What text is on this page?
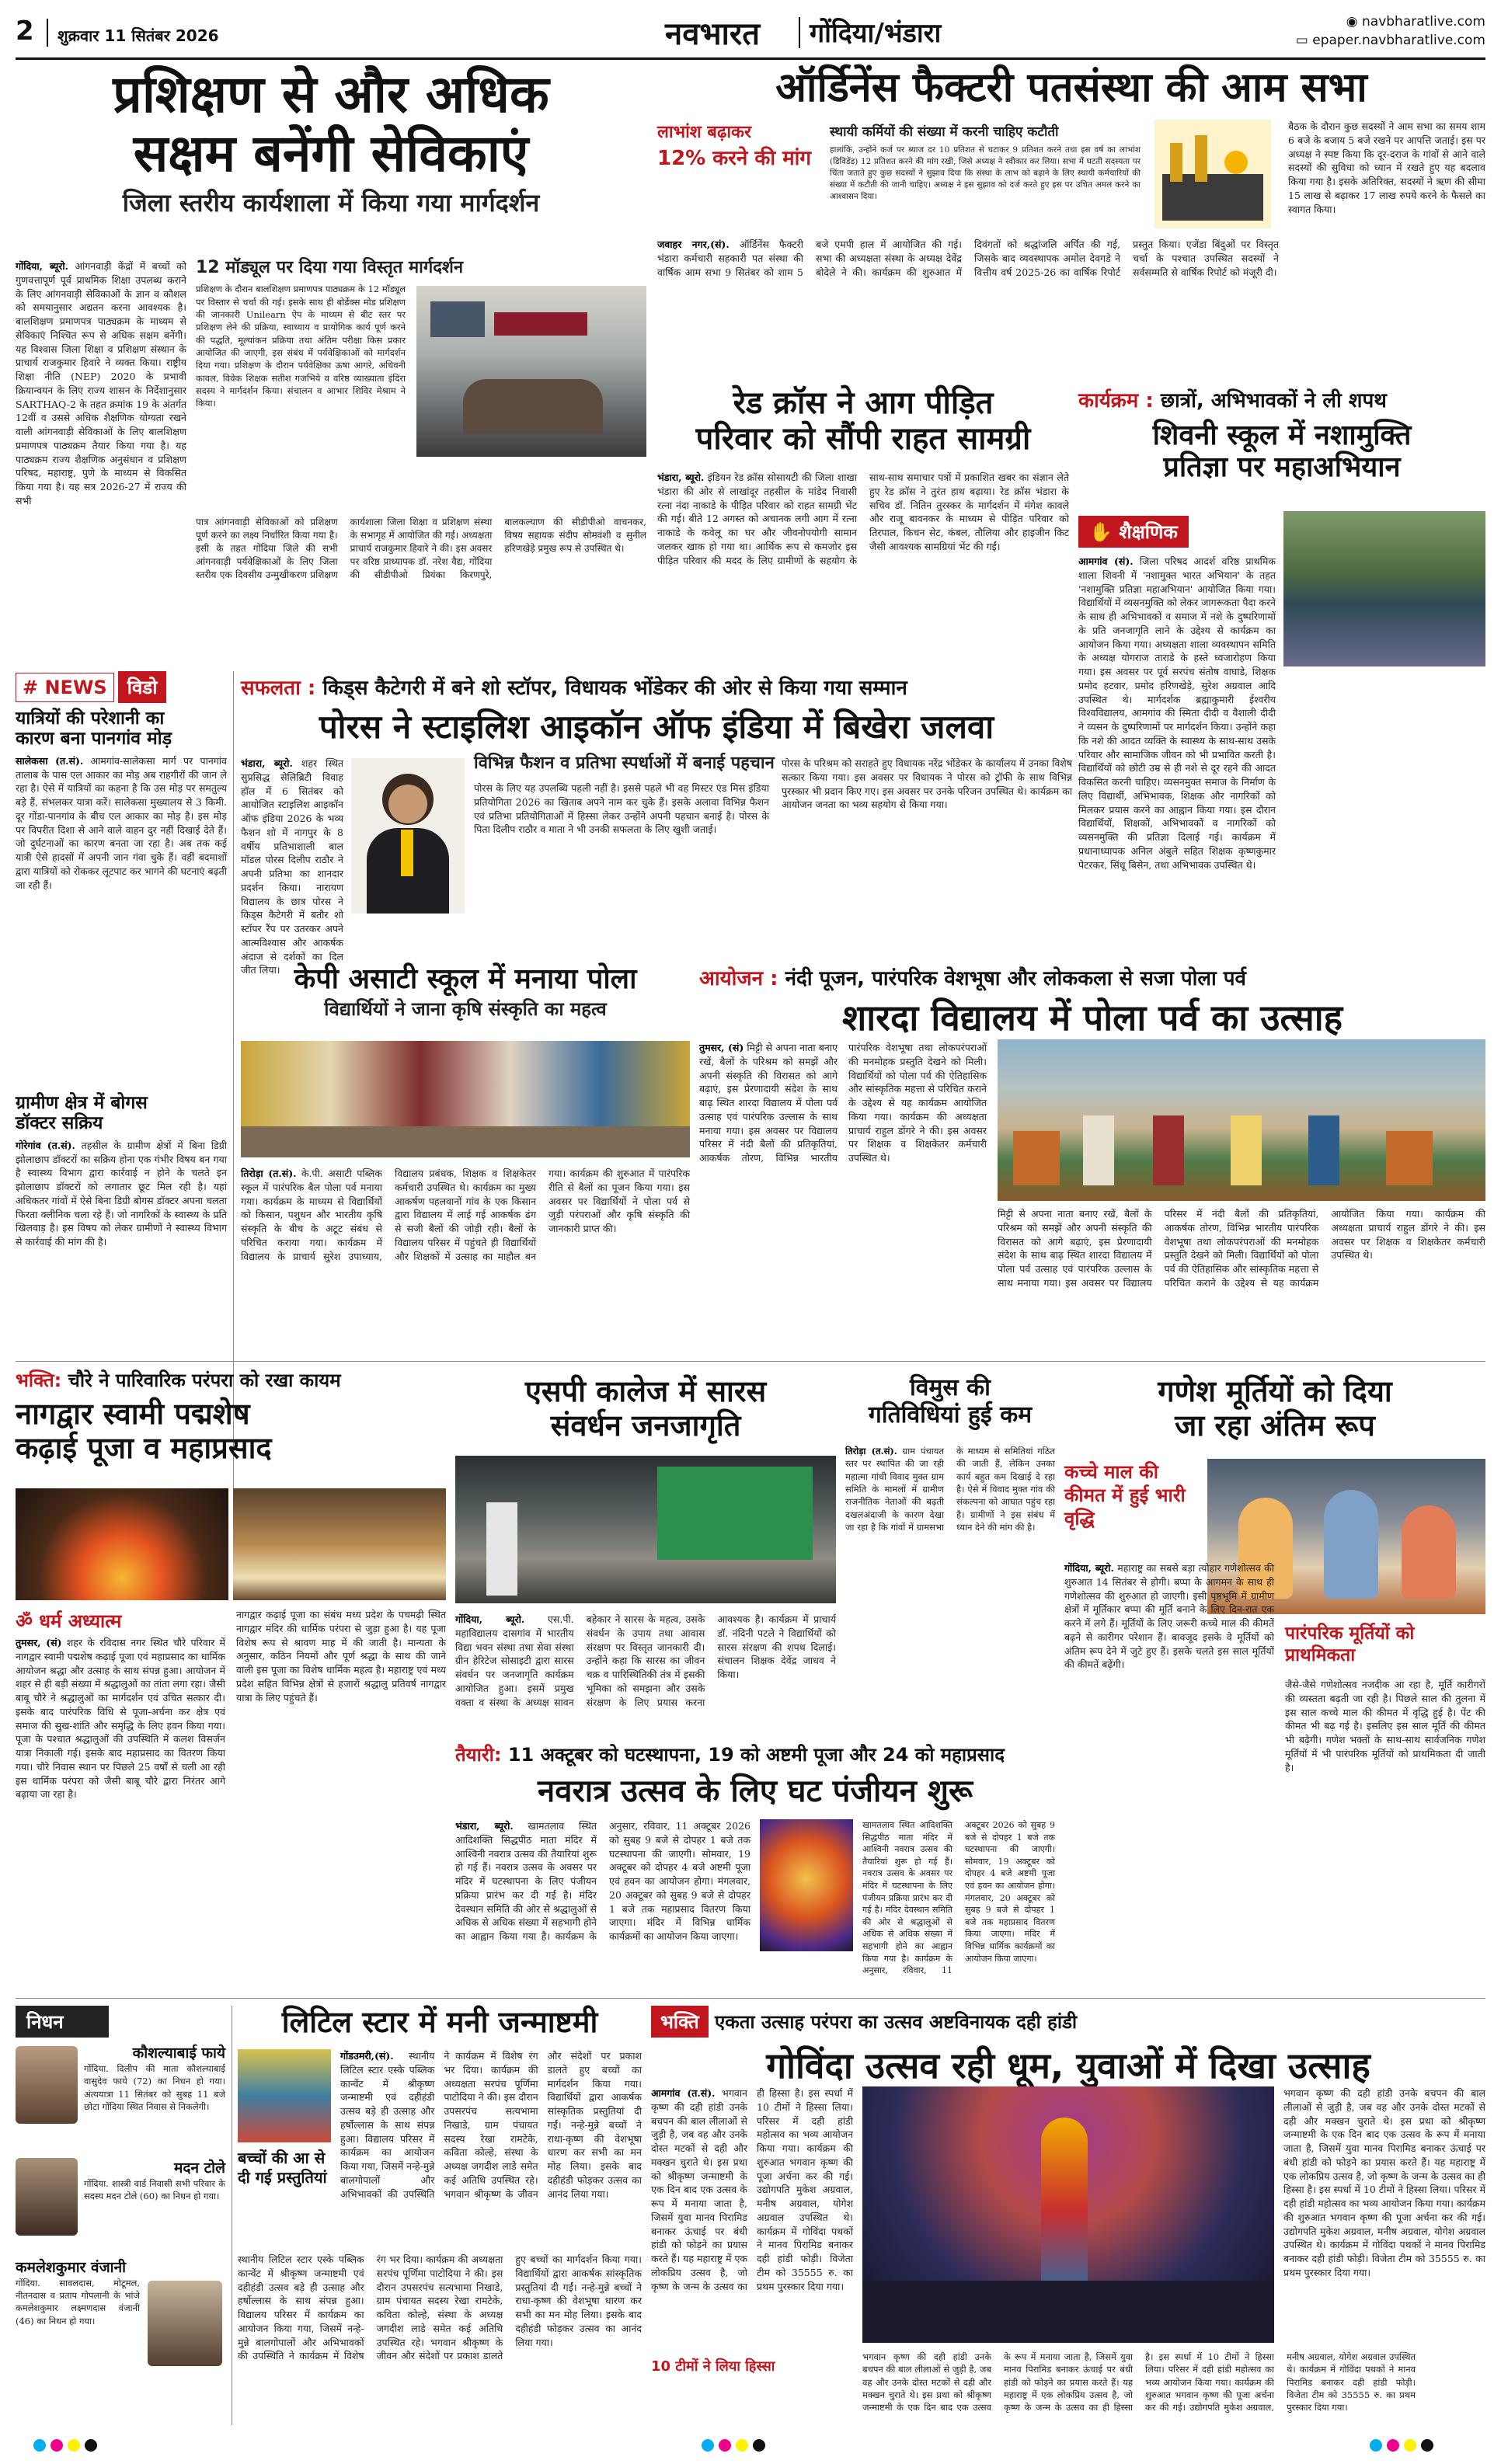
2 शुक्रवार 11 सितंबर 2026	नवभारत गोंदिया/भंडारा	◉ navbharatlive.com
▭ epaper.navbharatlive.com
प्रशिक्षण से और अधिक
सक्षम बनेंगी सेविकाएं
जिला स्तरीय कार्यशाला में किया गया मार्गदर्शन
गोंदिया, ब्यूरो. आंगनवाड़ी केंद्रों में बच्चों को गुणवत्तापूर्ण पूर्व प्राथमिक शिक्षा उपलब्ध कराने के लिए आंगनवाड़ी सेविकाओं के ज्ञान व कौशल को समयानुसार अद्यतन करना आवश्यक है। बालशिक्षण प्रमाणपत्र पाठ्यक्रम के माध्यम से सेविकाएं निश्चित रूप से अधिक सक्षम बनेंगी। यह विश्वास जिला शिक्षा व प्रशिक्षण संस्थान के प्राचार्य राजकुमार हिवारे ने व्यक्त किया। राष्ट्रीय शिक्षा नीति (NEP) 2020 के प्रभावी क्रियान्वयन के लिए राज्य शासन के निर्देशानुसार SARTHAQ-2 के तहत क्रमांक 19 के अंतर्गत 12वीं व उससे अधिक शैक्षणिक योग्यता रखने वाली आंगनवाड़ी सेविकाओं के लिए बालशिक्षण प्रमाणपत्र पाठ्यक्रम तैयार किया गया है। यह पाठ्यक्रम राज्य शैक्षणिक अनुसंधान व प्रशिक्षण परिषद, महाराष्ट्र, पुणे के माध्यम से विकसित किया गया है। यह सत्र 2026-27 में राज्य की सभी
12 मॉड्यूल पर दिया गया विस्तृत मार्गदर्शन
प्रशिक्षण के दौरान बालशिक्षण प्रमाणपत्र पाठ्यक्रम के 12 मॉड्यूल पर विस्तार से चर्चा की गई। इसके साथ ही बोर्डेक्स मोड प्रशिक्षण की जानकारी Unilearn ऐप के माध्यम से बीट स्तर पर प्रशिक्षण लेने की प्रक्रिया, स्वाध्याय व प्रायोगिक कार्य पूर्ण करने की पद्धति, मूल्यांकन प्रक्रिया तथा अंतिम परीक्षा किस प्रकार आयोजित की जाएगी, इस संबंध में पर्यवेक्षिकाओं को मार्गदर्शन दिया गया। प्रशिक्षण के दौरान पर्यवेक्षिका ऊषा आगरे, अधिवनी कावल, विवेक शिक्षक सतीश गजभिये व वरिष्ठ व्याख्याता इंदिरा सदस्य ने मार्गदर्शन किया। संचालन व आभार शिविर मेश्राम ने किया।
पात्र आंगनवाड़ी सेविकाओं को प्रशिक्षण पूर्ण करने का लक्ष्य निर्धारित किया गया है। इसी के तहत गोंदिया जिले की सभी आंगनवाड़ी पर्यवेक्षिकाओं के लिए जिला स्तरीय एक दिवसीय उन्मुखीकरण प्रशिक्षण कार्यशाला जिला शिक्षा व प्रशिक्षण संस्था के सभागृह में आयोजित की गई। अध्यक्षता प्राचार्य राजकुमार हिवारे ने की। इस अवसर पर वरिष्ठ प्राध्यापक डॉ. नरेश वैद्य, गोंदिया की सीडीपीओ प्रियंका किरणपुरे, बालकल्याण की सीडीपीओ वाचनकर, विषय सहायक संदीप सोमवंशी व सुनील हरिणखेड़े प्रमुख रूप से उपस्थित थे।
ऑर्डिनेंस फैक्टरी पतसंस्था की आम सभा
लाभांश बढ़ाकर
12% करने की मांग
स्थायी कर्मियों की संख्या में करनी चाहिए कटौती
हालांकि, उन्होंने कर्ज पर ब्याज दर 10 प्रतिशत से घटाकर 9 प्रतिशत करने तथा इस वर्ष का लाभांश (डिविडेंड) 12 प्रतिशत करने की मांग रखी, जिसे अध्यक्ष ने स्वीकार कर लिया। सभा में घटती सदस्यता पर चिंता जताते हुए कुछ सदस्यों ने सुझाव दिया कि संस्था के लाभ को बढ़ाने के लिए स्थायी कर्मचारियों की संख्या में कटौती की जानी चाहिए। अध्यक्ष ने इस सुझाव को दर्ज करते हुए इस पर उचित अमल करने का आश्वासन दिया।
जवाहर नगर,(सं). ऑर्डिनेंस फैक्टरी भंडारा कर्मचारी सहकारी पत संस्था की वार्षिक आम सभा 9 सितंबर को शाम 5 बजे एमपी हाल में आयोजित की गई। सभा की अध्यक्षता संस्था के अध्यक्ष देवेंद्र बोदेले ने की। कार्यक्रम की शुरुआत में दिवंगतों को श्रद्धांजलि अर्पित की गई, जिसके बाद व्यवस्थापक अमोल देवगडे ने वित्तीय वर्ष 2025-26 का वार्षिक रिपोर्ट प्रस्तुत किया। एजेंडा बिंदुओं पर विस्तृत चर्चा के पश्चात उपस्थित सदस्यों ने सर्वसम्मति से वार्षिक रिपोर्ट को मंजूरी दी।
बैठक के दौरान कुछ सदस्यों ने आम सभा का समय शाम 6 बजे के बजाय 5 बजे रखने पर आपत्ति जताई। इस पर अध्यक्ष ने स्पष्ट किया कि दूर-दराज के गांवों से आने वाले सदस्यों की सुविधा को ध्यान में रखते हुए यह बदलाव किया गया है। इसके अतिरिक्त, सदस्यों ने ऋण की सीमा 15 लाख से बढ़ाकर 17 लाख रुपये करने के फैसले का स्वागत किया।
रेड क्रॉस ने आग पीड़ित
परिवार को सौंपी राहत सामग्री
भंडारा, ब्यूरो. इंडियन रेड क्रॉस सोसायटी की जिला शाखा भंडारा की ओर से लाखांदूर तहसील के मांडेद निवासी रत्ना नंदा नाकाडे के पीड़ित परिवार को राहत सामग्री भेंट की गई। बीते 12 अगस्त को अचानक लगी आग में रत्ना नाकाडे के कवेलू का घर और जीवनोपयोगी सामान जलकर खाक हो गया था। आर्थिक रूप से कमजोर इस पीड़ित परिवार की मदद के लिए ग्रामीणों के सहयोग के साथ-साथ समाचार पत्रों में प्रकाशित खबर का संज्ञान लेते हुए रेड क्रॉस ने तुरंत हाथ बढ़ाया। रेड क्रॉस भंडारा के सचिव डॉ. नितिन तुरस्कर के मार्गदर्शन में मंगेश कावले और राजू बावनकर के माध्यम से पीड़ित परिवार को तिरपाल, किचन सेट, कंबल, तौलिया और हाइजीन किट जैसी आवश्यक सामग्रियां भेंट की गईं।
कार्यक्रम : छात्रों, अभिभावकों ने ली शपथ
शिवनी स्कूल में नशामुक्ति
प्रतिज्ञा पर महाअभियान
✋ शैक्षणिक
आमगांव (सं). जिला परिषद आदर्श वरिष्ठ प्राथमिक शाला शिवनी में 'नशामुक्त भारत अभियान' के तहत 'नशामुक्ति प्रतिज्ञा महाअभियान' आयोजित किया गया। विद्यार्थियों में व्यसनमुक्ति को लेकर जागरूकता पैदा करने के साथ ही अभिभावकों व समाज में नशे के दुष्परिणामों के प्रति जनजागृति लाने के उद्देश्य से कार्यक्रम का आयोजन किया गया। अध्यक्षता शाला व्यवस्थापन समिति के अध्यक्ष योगराज ताराडे के हस्ते ध्वजारोहण किया गया। इस अवसर पर पूर्व सरपंच संतोष वाघाडे, शिक्षक प्रमोद हटवार, प्रमोद हरिणखेड़े, सुरेश अग्रवाल आदि उपस्थित थे। मार्गदर्शक ब्रह्माकुमारी ईश्वरीय विश्वविद्यालय, आमगांव की स्मिता दीदी व वैशाली दीदी ने व्यसन के दुष्परिणामों पर मार्गदर्शन किया। उन्होंने कहा कि नशे की आदत व्यक्ति के स्वास्थ्य के साथ-साथ उसके परिवार और सामाजिक जीवन को भी प्रभावित करती है। विद्यार्थियों को छोटी उम्र से ही नशे से दूर रहने की आदत विकसित करनी चाहिए। व्यसनमुक्त समाज के निर्माण के लिए विद्यार्थी, अभिभावक, शिक्षक और नागरिकों को मिलकर प्रयास करने का आह्वान किया गया। इस दौरान विद्यार्थियों, शिक्षकों, अभिभावकों व नागरिकों को व्यसनमुक्ति की प्रतिज्ञा दिलाई गई। कार्यक्रम में प्रधानाध्यापक अनिल अंबुले सहित शिक्षक कृष्णकुमार पेटरकर, सिंधू बिसेन, तथा अभिभावक उपस्थित थे।
# NEWS विडो
यात्रियों की परेशानी का
कारण बना पानगांव मोड़
सालेकसा (त.सं). आमगांव-सालेकसा मार्ग पर पानगांव तालाब के पास एल आकार का मोड़ अब राहगीरों की जान ले रहा है। ऐसे में यात्रियों का कहना है कि उस मोड़ पर समतुल्य बड़े हैं, संभलकर यात्रा करें। सालेकसा मुख्यालय से 3 किमी. दूर गोंडा-पानगांव के बीच एल आकार का मोड़ है। इस मोड़ पर विपरीत दिशा से आने वाले वाहन दुर नहीं दिखाई देते हैं। जो दुर्घटनाओं का कारण बनता जा रहा है। अब तक कई यात्री ऐसे हादसों में अपनी जान गंवा चुके हैं। वहीं बदमाशों द्वारा यात्रियों को रोककर लूटपाट कर भागने की घटनाएं बढ़ती जा रही हैं।
ग्रामीण क्षेत्र में बोगस
डॉक्टर सक्रिय
गोरेगांव (त.सं). तहसील के ग्रामीण क्षेत्रों में बिना डिग्री झोलाछाप डॉक्टरों का सक्रिय होना एक गंभीर विषय बन गया है स्वास्थ्य विभाग द्वारा कार्रवाई न होने के चलते इन झोलाछाप डॉक्टरों को लगातार छूट मिल रही है। यहां अधिकतर गांवों में ऐसे बिना डिग्री बोगस डॉक्टर अपना चलता फिरता क्लीनिक चला रहे हैं। जो नागरिकों के स्वास्थ्य के प्रति खिलवाड़ है। इस विषय को लेकर ग्रामीणों ने स्वास्थ्य विभाग से कार्रवाई की मांग की है।
सफलता : किड्स कैटेगरी में बने शो स्टॉपर, विधायक भोंडेकर की ओर से किया गया सम्मान
पोरस ने स्टाइलिश आइकॉन ऑफ इंडिया में बिखेरा जलवा
भंडारा, ब्यूरो. शहर स्थित सुप्रसिद्ध सेलिब्रिटी विवाह हॉल में 6 सितंबर को आयोजित स्टाइलिश आइकॉन ऑफ इंडिया 2026 के भव्य फैशन शो में नागपुर के 8 वर्षीय प्रतिभाशाली बाल मॉडल पोरस दिलीप राठौर ने अपनी प्रतिभा का शानदार प्रदर्शन किया। नारायण विद्यालय के छात्र पोरस ने किड्स कैटेगरी में बतौर शो स्टॉपर रैंप पर उतरकर अपने आत्मविश्वास और आकर्षक अंदाज से दर्शकों का दिल जीत लिया।
विभिन्न फैशन व प्रतिभा स्पर्धाओं में बनाई पहचान
पोरस के लिए यह उपलब्धि पहली नहीं है। इससे पहले भी वह मिस्टर एंड मिस इंडिया प्रतियोगिता 2026 का खिताब अपने नाम कर चुके हैं। इसके अलावा विभिन्न फैशन एवं प्रतिभा प्रतियोगिताओं में हिस्सा लेकर उन्होंने अपनी पहचान बनाई है। पोरस के पिता दिलीप राठौर व माता ने भी उनकी सफलता के लिए खुशी जताई।
पोरस के परिश्रम को सराहते हुए विधायक नरेंद्र भोंडेकर के कार्यालय में उनका विशेष सत्कार किया गया। इस अवसर पर विधायक ने पोरस को ट्रॉफी के साथ विभिन्न पुरस्कार भी प्रदान किए गए। इस अवसर पर उनके परिजन उपस्थित थे। कार्यक्रम का आयोजन जनता का भव्य सहयोग से किया गया।
केपी असाटी स्कूल में मनाया पोला
विद्यार्थियों ने जाना कृषि संस्कृति का महत्व
तिरोड़ा (त.सं). के.पी. असाटी पब्लिक स्कूल में पारंपरिक बैल पोला पर्व मनाया गया। कार्यक्रम के माध्यम से विद्यार्थियों को किसान, पशुधन और भारतीय कृषि संस्कृति के बीच के अटूट संबंध से परिचित कराया गया। कार्यक्रम में विद्यालय के प्राचार्य सुरेश उपाध्याय, विद्यालय प्रबंधक, शिक्षक व शिक्षकेतर कर्मचारी उपस्थित थे। कार्यक्रम का मुख्य आकर्षण पहलवानों गांव के एक किसान द्वारा विद्यालय में लाई गई आकर्षक ढंग से सजी बैलों की जोड़ी रही। बैलों के विद्यालय परिसर में पहुंचते ही विद्यार्थियों और शिक्षकों में उत्साह का माहौल बन गया। कार्यक्रम की शुरुआत में पारंपरिक रीति से बैलों का पूजन किया गया। इस अवसर पर विद्यार्थियों ने पोला पर्व से जुड़ी परंपराओं और कृषि संस्कृति की जानकारी प्राप्त की।
आयोजन : नंदी पूजन, पारंपरिक वेशभूषा और लोककला से सजा पोला पर्व
शारदा विद्यालय में पोला पर्व का उत्साह
तुमसर, (सं) मिट्टी से अपना नाता बनाए रखें, बैलों के परिश्रम को समझें और अपनी संस्कृति की विरासत को आगे बढ़ाएं, इस प्रेरणादायी संदेश के साथ बाढ़ स्थित शारदा विद्यालय में पोला पर्व उत्साह एवं पारंपरिक उल्लास के साथ मनाया गया। इस अवसर पर विद्यालय परिसर में नंदी बैलों की प्रतिकृतियां, आकर्षक तोरण, विभिन्न भारतीय पारंपरिक वेशभूषा तथा लोकपरंपराओं की मनमोहक प्रस्तुति देखने को मिली। विद्यार्थियों को पोला पर्व की ऐतिहासिक और सांस्कृतिक महत्ता से परिचित कराने के उद्देश्य से यह कार्यक्रम आयोजित किया गया। कार्यक्रम की अध्यक्षता प्राचार्य राहुल डोंगरे ने की। इस अवसर पर शिक्षक व शिक्षकेतर कर्मचारी उपस्थित थे।
मिट्टी से अपना नाता बनाए रखें, बैलों के परिश्रम को समझें और अपनी संस्कृति की विरासत को आगे बढ़ाएं, इस प्रेरणादायी संदेश के साथ बाढ़ स्थित शारदा विद्यालय में पोला पर्व उत्साह एवं पारंपरिक उल्लास के साथ मनाया गया। इस अवसर पर विद्यालय परिसर में नंदी बैलों की प्रतिकृतियां, आकर्षक तोरण, विभिन्न भारतीय पारंपरिक वेशभूषा तथा लोकपरंपराओं की मनमोहक प्रस्तुति देखने को मिली। विद्यार्थियों को पोला पर्व की ऐतिहासिक और सांस्कृतिक महत्ता से परिचित कराने के उद्देश्य से यह कार्यक्रम आयोजित किया गया। कार्यक्रम की अध्यक्षता प्राचार्य राहुल डोंगरे ने की। इस अवसर पर शिक्षक व शिक्षकेतर कर्मचारी उपस्थित थे।
भक्ति: चौरे ने पारिवारिक परंपरा को रखा कायम
नागद्वार स्वामी पद्मशेष
कढ़ाई पूजा व महाप्रसाद
ॐ धर्म अध्यात्म
तुमसर, (सं) शहर के रविदास नगर स्थित चौरे परिवार में नागद्वार स्वामी पद्मशेष कढ़ाई पूजा एवं महाप्रसाद का धार्मिक आयोजन श्रद्धा और उत्साह के साथ संपन्न हुआ। आयोजन में शहर से ही बड़ी संख्या में श्रद्धालुओं का तांता लगा रहा। जैसी बाबू चौरे ने श्रद्धालुओं का मार्गदर्शन एवं उचित सत्कार दी। इसके बाद पारंपरिक विधि से पूजा-अर्चना कर क्षेत्र एवं समाज की सुख-शांति और समृद्धि के लिए हवन किया गया। पूजा के पश्चात श्रद्धालुओं की उपस्थिति में कलश विसर्जन यात्रा निकाली गई। इसके बाद महाप्रसाद का वितरण किया गया। चौरे निवास स्थान पर पिछले 25 वर्षों से चली आ रही इस धार्मिक परंपरा को जैसी बाबू चौरे द्वारा निरंतर आगे बढ़ाया जा रहा है।
नागद्वार कढ़ाई पूजा का संबंध मध्य प्रदेश के पचमढ़ी स्थित नागद्वार मंदिर की धार्मिक परंपरा से जुड़ा हुआ है। यह पूजा विशेष रूप से श्रावण माह में की जाती है। मान्यता के अनुसार, कठिन नियमों और पूर्ण श्रद्धा के साथ की जाने वाली इस पूजा का विशेष धार्मिक महत्व है। महाराष्ट्र एवं मध्य प्रदेश सहित विभिन्न क्षेत्रों से हजारों श्रद्धालु प्रतिवर्ष नागद्वार यात्रा के लिए पहुंचते हैं।
एसपी कालेज में सारस
संवर्धन जनजागृति
गोंदिया, ब्यूरो. एस.पी. महाविद्यालय दासगांव में भारतीय विद्या भवन संस्था तथा सेवा संस्था ग्रीन हेरिटेज सोसाइटी द्वारा सारस संवर्धन पर जनजागृति कार्यक्रम आयोजित हुआ। इसमें प्रमुख वक्ता व संस्था के अध्यक्ष सावन बहेकार ने सारस के महत्व, उसके संवर्धन के उपाय तथा आवास संरक्षण पर विस्तृत जानकारी दी। उन्होंने कहा कि सारस का जीवन चक्र व पारिस्थितिकी तंत्र में इसकी भूमिका को समझना और उसके संरक्षण के लिए प्रयास करना आवश्यक है। कार्यक्रम में प्राचार्य डॉ. नंदिनी पटले ने विद्यार्थियों को सारस संरक्षण की शपथ दिलाई। संचालन शिक्षक देवेंद्र जाधव ने किया।
विमुस की
गतिविधियां हुई कम
तिरोड़ा (त.सं). ग्राम पंचायत स्तर पर स्थापित की जा रही महात्मा गांधी विवाद मुक्त ग्राम समिति के मामलों में ग्रामीण राजनीतिक नेताओं की बढ़ती दखलअंदाजी के कारण देखा जा रहा है कि गांवों में ग्रामसभा के माध्यम से समितियां गठित की जाती हैं, लेकिन उनका कार्य बहुत कम दिखाई दे रहा है। ऐसे में विवाद मुक्त गांव की संकल्पना को आघात पहुंच रहा है। ग्रामीणों ने इस संबंध में ध्यान देने की मांग की है।
गणेश मूर्तियों को दिया
जा रहा अंतिम रूप
कच्चे माल की कीमत में हुई भारी वृद्धि
गोंदिया, ब्यूरो. महाराष्ट्र का सबसे बड़ा त्योहार गणेशोत्सव की शुरुआत 14 सितंबर से होगी। बप्पा के आगमन के साथ ही गणेशोत्सव की शुरुआत हो जाएगी। इसी पृष्ठभूमि में ग्रामीण क्षेत्रों में मूर्तिकार बप्पा की मूर्ति बनाने के लिए दिन-रात एक करने में लगे हैं। मूर्तियों के लिए जरूरी कच्चे माल की कीमतें बढ़ने से कारीगर परेशान हैं। बावजूद इसके वे मूर्तियों को अंतिम रूप देने में जुटे हुए हैं। इसके चलते इस साल मूर्तियों की कीमतें बढ़ेंगी।
पारंपरिक मूर्तियों को प्राथमिकता
जैसे-जैसे गणेशोत्सव नजदीक आ रहा है, मूर्ति कारीगरों की व्यस्तता बढ़ती जा रही है। पिछले साल की तुलना में इस साल कच्चे माल की कीमत में वृद्धि हुई है। पेंट की कीमत भी बढ़ गई है। इसलिए इस साल मूर्ति की कीमत भी बढ़ेगी। गणेश भक्तों के साथ-साथ सार्वजनिक गणेश मूर्तियों में भी पारंपरिक मूर्तियों को प्राथमिकता दी जाती है।
तैयारी: 11 अक्टूबर को घटस्थापना, 19 को अष्टमी पूजा और 24 को महाप्रसाद
नवरात्र उत्सव के लिए घट पंजीयन शुरू
भंडारा, ब्यूरो. खामतलाव स्थित आदिशक्ति सिद्धपीठ माता मंदिर में आश्विनी नवरात्र उत्सव की तैयारियां शुरू हो गई हैं। नवरात्र उत्सव के अवसर पर मंदिर में घटस्थापना के लिए पंजीयन प्रक्रिया प्रारंभ कर दी गई है। मंदिर देवस्थान समिति की ओर से श्रद्धालुओं से अधिक से अधिक संख्या में सहभागी होने का आह्वान किया गया है। कार्यक्रम के अनुसार, रविवार, 11 अक्टूबर 2026 को सुबह 9 बजे से दोपहर 1 बजे तक घटस्थापना की जाएगी। सोमवार, 19 अक्टूबर को दोपहर 4 बजे अष्टमी पूजा एवं हवन का आयोजन होगा। मंगलवार, 20 अक्टूबर को सुबह 9 बजे से दोपहर 1 बजे तक महाप्रसाद वितरण किया जाएगा। मंदिर में विभिन्न धार्मिक कार्यक्रमों का आयोजन किया जाएगा।
खामतलाव स्थित आदिशक्ति सिद्धपीठ माता मंदिर में आश्विनी नवरात्र उत्सव की तैयारियां शुरू हो गई हैं। नवरात्र उत्सव के अवसर पर मंदिर में घटस्थापना के लिए पंजीयन प्रक्रिया प्रारंभ कर दी गई है। मंदिर देवस्थान समिति की ओर से श्रद्धालुओं से अधिक से अधिक संख्या में सहभागी होने का आह्वान किया गया है। कार्यक्रम के अनुसार, रविवार, 11 अक्टूबर 2026 को सुबह 9 बजे से दोपहर 1 बजे तक घटस्थापना की जाएगी। सोमवार, 19 अक्टूबर को दोपहर 4 बजे अष्टमी पूजा एवं हवन का आयोजन होगा। मंगलवार, 20 अक्टूबर को सुबह 9 बजे से दोपहर 1 बजे तक महाप्रसाद वितरण किया जाएगा। मंदिर में विभिन्न धार्मिक कार्यक्रमों का आयोजन किया जाएगा।
निधन
कौशल्याबाई फाये
गोंदिया. दिलीप की माता कौशल्याबाई वासुदेव फाये (72) का निधन हो गया। अंत्ययात्रा 11 सितंबर को सुबह 11 बजे छोटा गोंदिया स्थित निवास से निकलेगी।
मदन टोले
गोंदिया. शास्त्री वार्ड निवासी सभी परिवार के सदस्य मदन टोले (60) का निधन हो गया।
कमलेशकुमार वंजानी
गोंदिया. सावलदास, मोटूमल, नीतनदास व प्रताप गोपलानी के भांजे कमलेशकुमार लक्ष्मणदास वंजानी (46) का निधन हो गया।
लिटिल स्टार में मनी जन्माष्टमी
बच्चों की आ से दी गई प्रस्तुतियां
गोंडउमरी,(सं). स्थानीय लिटिल स्टार एस्के पब्लिक कान्वेंट में श्रीकृष्ण जन्माष्टमी एवं दहीहंडी उत्सव बड़े ही उत्साह और हर्षोल्लास के साथ संपन्न हुआ। विद्यालय परिसर में कार्यक्रम का आयोजन किया गया, जिसमें नन्हे-मुन्ने बालगोपालों और अभिभावकों की उपस्थिति ने कार्यक्रम में विशेष रंग भर दिया। कार्यक्रम की अध्यक्षता सरपंच पूर्णिमा पाटोदिया ने की। इस दौरान उपसरपंच सत्यभामा निखाडे, ग्राम पंचायत सदस्य रेखा रामटेके, कविता कोल्हे, संस्था के अध्यक्ष जगदीश लाडे समेत कई अतिथि उपस्थित रहे। भगवान श्रीकृष्ण के जीवन और संदेशों पर प्रकाश डालते हुए बच्चों का मार्गदर्शन किया गया। विद्यार्थियों द्वारा आकर्षक सांस्कृतिक प्रस्तुतियां दी गईं। नन्हे-मुन्ने बच्चों ने राधा-कृष्ण की वेशभूषा धारण कर सभी का मन मोह लिया। इसके बाद दहीहंडी फोड़कर उत्सव का आनंद लिया गया।
स्थानीय लिटिल स्टार एस्के पब्लिक कान्वेंट में श्रीकृष्ण जन्माष्टमी एवं दहीहंडी उत्सव बड़े ही उत्साह और हर्षोल्लास के साथ संपन्न हुआ। विद्यालय परिसर में कार्यक्रम का आयोजन किया गया, जिसमें नन्हे-मुन्ने बालगोपालों और अभिभावकों की उपस्थिति ने कार्यक्रम में विशेष रंग भर दिया। कार्यक्रम की अध्यक्षता सरपंच पूर्णिमा पाटोदिया ने की। इस दौरान उपसरपंच सत्यभामा निखाडे, ग्राम पंचायत सदस्य रेखा रामटेके, कविता कोल्हे, संस्था के अध्यक्ष जगदीश लाडे समेत कई अतिथि उपस्थित रहे। भगवान श्रीकृष्ण के जीवन और संदेशों पर प्रकाश डालते हुए बच्चों का मार्गदर्शन किया गया। विद्यार्थियों द्वारा आकर्षक सांस्कृतिक प्रस्तुतियां दी गईं। नन्हे-मुन्ने बच्चों ने राधा-कृष्ण की वेशभूषा धारण कर सभी का मन मोह लिया। इसके बाद दहीहंडी फोड़कर उत्सव का आनंद लिया गया।
भक्ति एकता उत्साह परंपरा का उत्सव अष्टविनायक दही हांडी
गोविंदा उत्सव रही धूम, युवाओं में दिखा उत्साह
आमगांव (त.सं). भगवान कृष्ण की दही हांडी उनके बचपन की बाल लीलाओं से जुड़ी है, जब वह और उनके दोस्त मटकों से दही और मक्खन चुराते थे। इस प्रथा को श्रीकृष्ण जन्माष्टमी के एक दिन बाद एक उत्सव के रूप में मनाया जाता है, जिसमें युवा मानव पिरामिड बनाकर ऊंचाई पर बंधी हांडी को फोड़ने का प्रयास करते हैं। यह महाराष्ट्र में एक लोकप्रिय उत्सव है, जो कृष्ण के जन्म के उत्सव का ही हिस्सा है। इस स्पर्धा में 10 टीमों ने हिस्सा लिया। परिसर में दही हांडी महोत्सव का भव्य आयोजन किया गया। कार्यक्रम की शुरुआत भगवान कृष्ण की पूजा अर्चना कर की गई। उद्योगपति मुकेश अग्रवाल, मनीष अग्रवाल, योगेश अग्रवाल उपस्थित थे। कार्यक्रम में गोविंदा पथकों ने मानव पिरामिड बनाकर दही हांडी फोड़ी। विजेता टीम को 35555 रु. का प्रथम पुरस्कार दिया गया।
10 टीमों ने लिया हिस्सा
भगवान कृष्ण की दही हांडी उनके बचपन की बाल लीलाओं से जुड़ी है, जब वह और उनके दोस्त मटकों से दही और मक्खन चुराते थे। इस प्रथा को श्रीकृष्ण जन्माष्टमी के एक दिन बाद एक उत्सव के रूप में मनाया जाता है, जिसमें युवा मानव पिरामिड बनाकर ऊंचाई पर बंधी हांडी को फोड़ने का प्रयास करते हैं। यह महाराष्ट्र में एक लोकप्रिय उत्सव है, जो कृष्ण के जन्म के उत्सव का ही हिस्सा है। इस स्पर्धा में 10 टीमों ने हिस्सा लिया। परिसर में दही हांडी महोत्सव का भव्य आयोजन किया गया। कार्यक्रम की शुरुआत भगवान कृष्ण की पूजा अर्चना कर की गई। उद्योगपति मुकेश अग्रवाल, मनीष अग्रवाल, योगेश अग्रवाल उपस्थित थे। कार्यक्रम में गोविंदा पथकों ने मानव पिरामिड बनाकर दही हांडी फोड़ी। विजेता टीम को 35555 रु. का प्रथम पुरस्कार दिया गया।
भगवान कृष्ण की दही हांडी उनके बचपन की बाल लीलाओं से जुड़ी है, जब वह और उनके दोस्त मटकों से दही और मक्खन चुराते थे। इस प्रथा को श्रीकृष्ण जन्माष्टमी के एक दिन बाद एक उत्सव के रूप में मनाया जाता है, जिसमें युवा मानव पिरामिड बनाकर ऊंचाई पर बंधी हांडी को फोड़ने का प्रयास करते हैं। यह महाराष्ट्र में एक लोकप्रिय उत्सव है, जो कृष्ण के जन्म के उत्सव का ही हिस्सा है। इस स्पर्धा में 10 टीमों ने हिस्सा लिया। परिसर में दही हांडी महोत्सव का भव्य आयोजन किया गया। कार्यक्रम की शुरुआत भगवान कृष्ण की पूजा अर्चना कर की गई। उद्योगपति मुकेश अग्रवाल, मनीष अग्रवाल, योगेश अग्रवाल उपस्थित थे। कार्यक्रम में गोविंदा पथकों ने मानव पिरामिड बनाकर दही हांडी फोड़ी। विजेता टीम को 35555 रु. का प्रथम पुरस्कार दिया गया।
